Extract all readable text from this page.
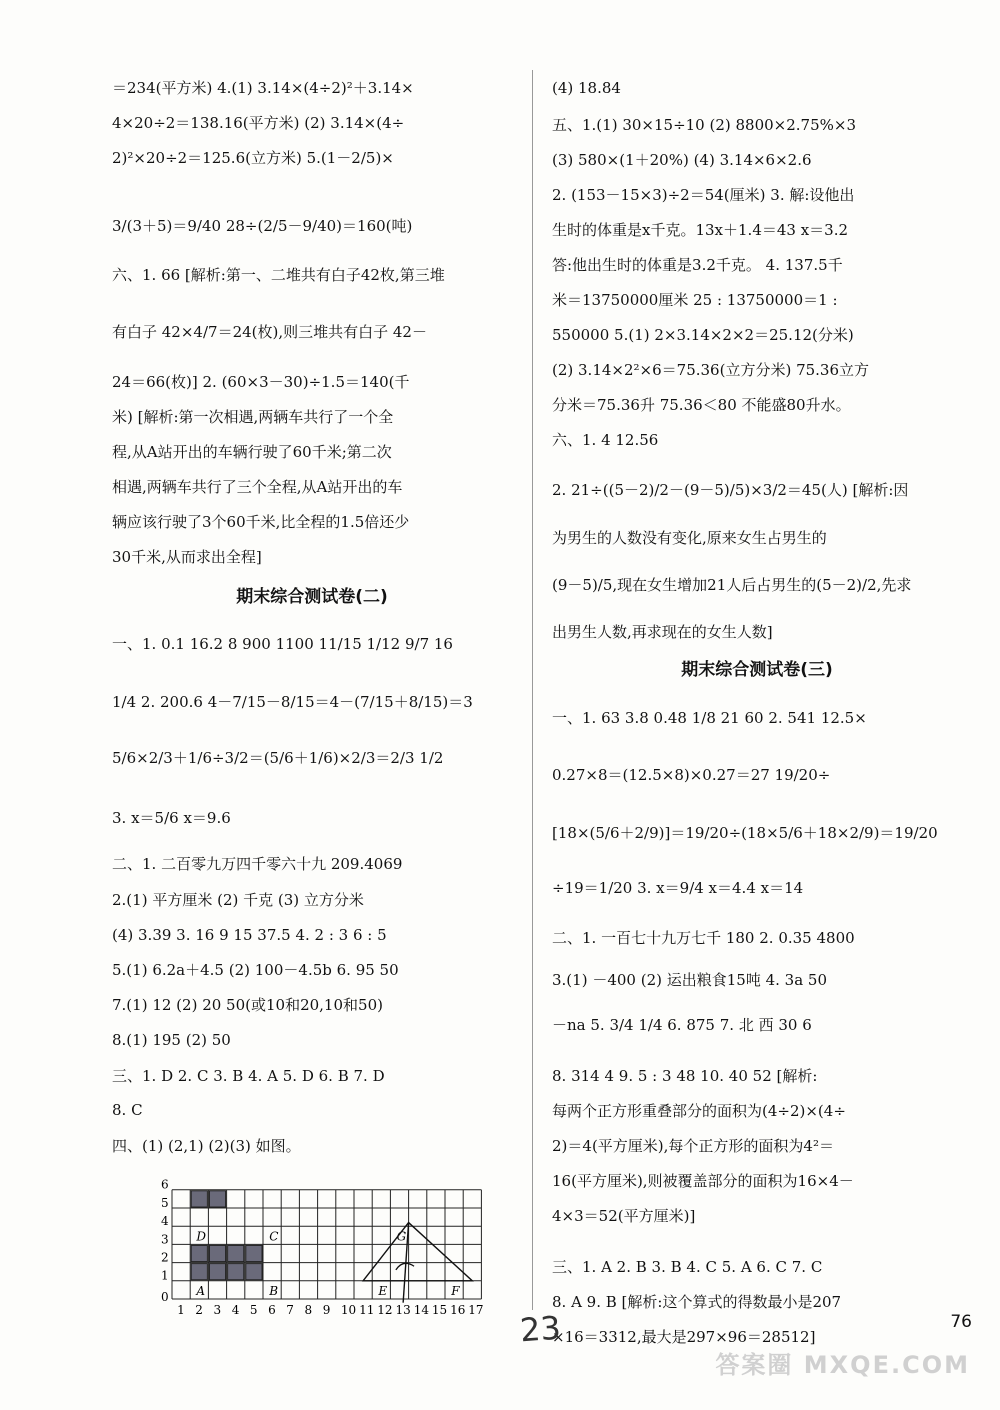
期末综合测试卷(二)
＝234(平方米) 4.(1) 3.14×(4÷2)²＋3.14×
4×20÷2＝138.16(平方米) (2) 3.14×(4÷
2)²×20÷2＝125.6(立方米) 5.(1－2/5)×
3/(3＋5)＝9/40 28÷(2/5－9/40)＝160(吨)
六、1. 66 [解析:第一、二堆共有白子42枚,第三堆
有白子 42×4/7＝24(枚),则三堆共有白子 42－
24＝66(枚)] 2. (60×3－30)÷1.5＝140(千
米) [解析:第一次相遇,两辆车共行了一个全
程,从A站开出的车辆行驶了60千米;第二次
相遇,两辆车共行了三个全程,从A站开出的车
辆应该行驶了3个60千米,比全程的1.5倍还少
30千米,从而求出全程]
一、1. 0.1 16.2 8 900 1100 11/15 1/12 9/7 16
1/4 2. 200.6 4－7/15－8/15＝4－(7/15＋8/15)＝3
5/6×2/3＋1/6÷3/2＝(5/6＋1/6)×2/3＝2/3 1/2
3. x＝5/6 x＝9.6
二、1. 二百零九万四千零六十九 209.4069
2.(1) 平方厘米 (2) 千克 (3) 立方分米
(4) 3.39 3. 16 9 15 37.5 4. 2 : 3 6 : 5
5.(1) 6.2a＋4.5 (2) 100－4.5b 6. 95 50
7.(1) 12 (2) 20 50(或10和20,10和50)
8.(1) 195 (2) 50
三、1. D 2. C 3. B 4. A 5. D 6. B 7. D
8. C
四、(1) (2,1) (2)(3) 如图。
期末综合测试卷(三)
(4) 18.84
五、1.(1) 30×15÷10 (2) 8800×2.75%×3
(3) 580×(1＋20%) (4) 3.14×6×2.6
2. (153－15×3)÷2＝54(厘米) 3. 解:设他出
生时的体重是x千克。13x＋1.4＝43 x＝3.2
答:他出生时的体重是3.2千克。 4. 137.5千
米＝13750000厘米 25 : 13750000＝1 :
550000 5.(1) 2×3.14×2×2＝25.12(分米)
(2) 3.14×2²×6＝75.36(立方分米) 75.36立方
分米＝75.36升 75.36＜80 不能盛80升水。
六、1. 4 12.56
2. 21÷((5－2)/2－(9－5)/5)×3/2＝45(人) [解析:因
为男生的人数没有变化,原来女生占男生的
(9－5)/5,现在女生增加21人后占男生的(5－2)/2,先求
出男生人数,再求现在的女生人数]
一、1. 63 3.8 0.48 1/8 21 60 2. 541 12.5×
0.27×8＝(12.5×8)×0.27＝27 19/20÷
[18×(5/6＋2/9)]＝19/20÷(18×5/6＋18×2/9)＝19/20
÷19＝1/20 3. x＝9/4 x＝4.4 x＝14
二、1. 一百七十九万七千 180 2. 0.35 4800
3.(1) －400 (2) 运出粮食15吨 4. 3a 50
－na 5. 3/4 1/4 6. 875 7. 北 西 30 6
8. 314 4 9. 5 : 3 48 10. 40 52 [解析:
每两个正方形重叠部分的面积为(4÷2)×(4÷
2)＝4(平方厘米),每个正方形的面积为4²＝
16(平方厘米),则被覆盖部分的面积为16×4－
4×3＝52(平方厘米)]
三、1. A 2. B 3. B 4. C 5. A 6. C 7. C
8. A 9. B [解析:这个算式的得数最小是207
×16＝3312,最大是297×96＝28512]
1 2 3 4 5 6 7 8 9 10 11 12 13 14 15 16 17
0
1
2
3
4
5
6
A	B
C
D
E	F
G
23	76
答案圈 MXQE.COM
